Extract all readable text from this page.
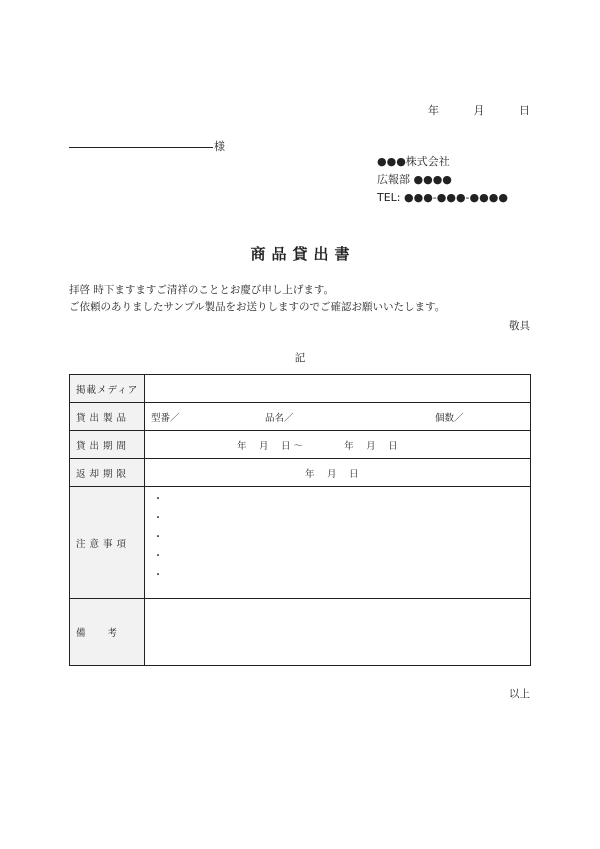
年　 月　 日
様
●●●株式会社
広報部 ●●●●
TEL: ●●●-●●●-●●●●
商品貸出書
拝啓 時下ますますご清祥のこととお慶び申し上げます。
ご依頼のありましたサンプル製品をお送りしますのでご確認お願いいたします。
敬具
記
掲載メディア	
貸出製品	型番／ 品名／ 個数／

貸出期間	年　 月　 日 ～　　　　 年　 月　 日

返却期限	年　 月　 日

注意事項	・
・
・
・
・

備　　考	
以上
